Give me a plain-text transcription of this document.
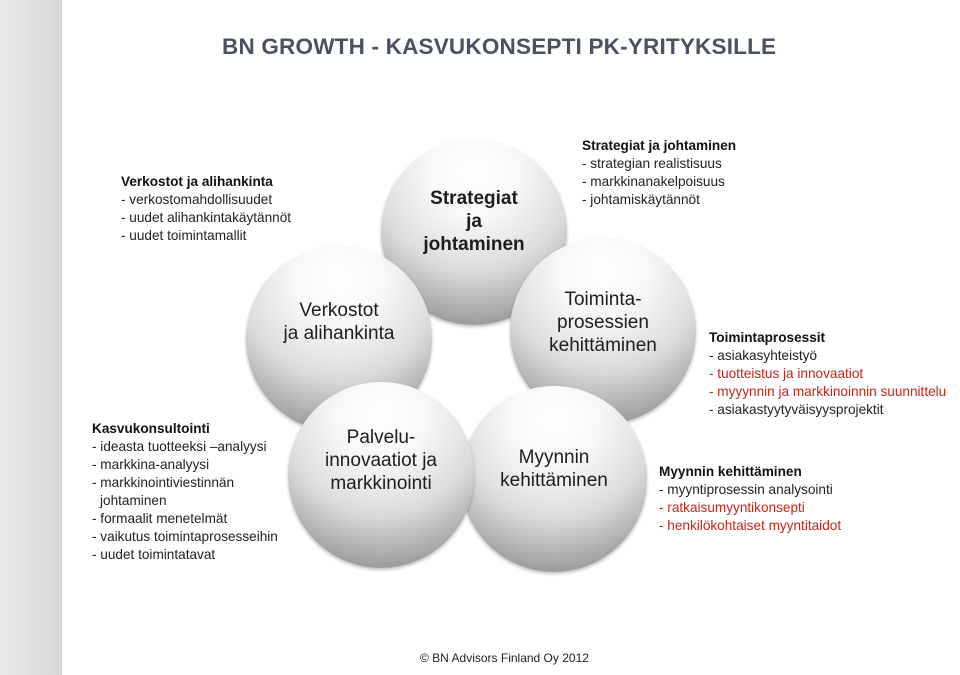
BN GROWTH - KASVUKONSEPTI PK-YRITYKSILLE
Strategiat
ja
johtaminen
Verkostot
ja alihankinta
Toiminta-
prosessien
kehittäminen
Myynnin
kehittäminen
Palvelu-
innovaatiot ja
markkinointi
Strategiat ja johtaminen
- strategian realistisuus
- markkinanakelpoisuus
- johtamiskäytännöt
Verkostot ja alihankinta
- verkostomahdollisuudet
- uudet alihankintakäytännöt
- uudet toimintamallit
Kasvukonsultointi
- ideasta tuotteeksi –analyysi
- markkina-analyysi
- markkinointiviestinnän
johtaminen
- formaalit menetelmät
- vaikutus toimintaprosesseihin
- uudet toimintatavat
Toimintaprosessit
- asiakasyhteistyö
- tuotteistus ja innovaatiot
- myyynnin ja markkinoinnin suunnittelu
- asiakastyytyväisyysprojektit
Myynnin kehittäminen
- myyntiprosessin analysointi
- ratkaisumyyntikonsepti
- henkilökohtaiset myyntitaidot
© BN Advisors Finland Oy 2012
